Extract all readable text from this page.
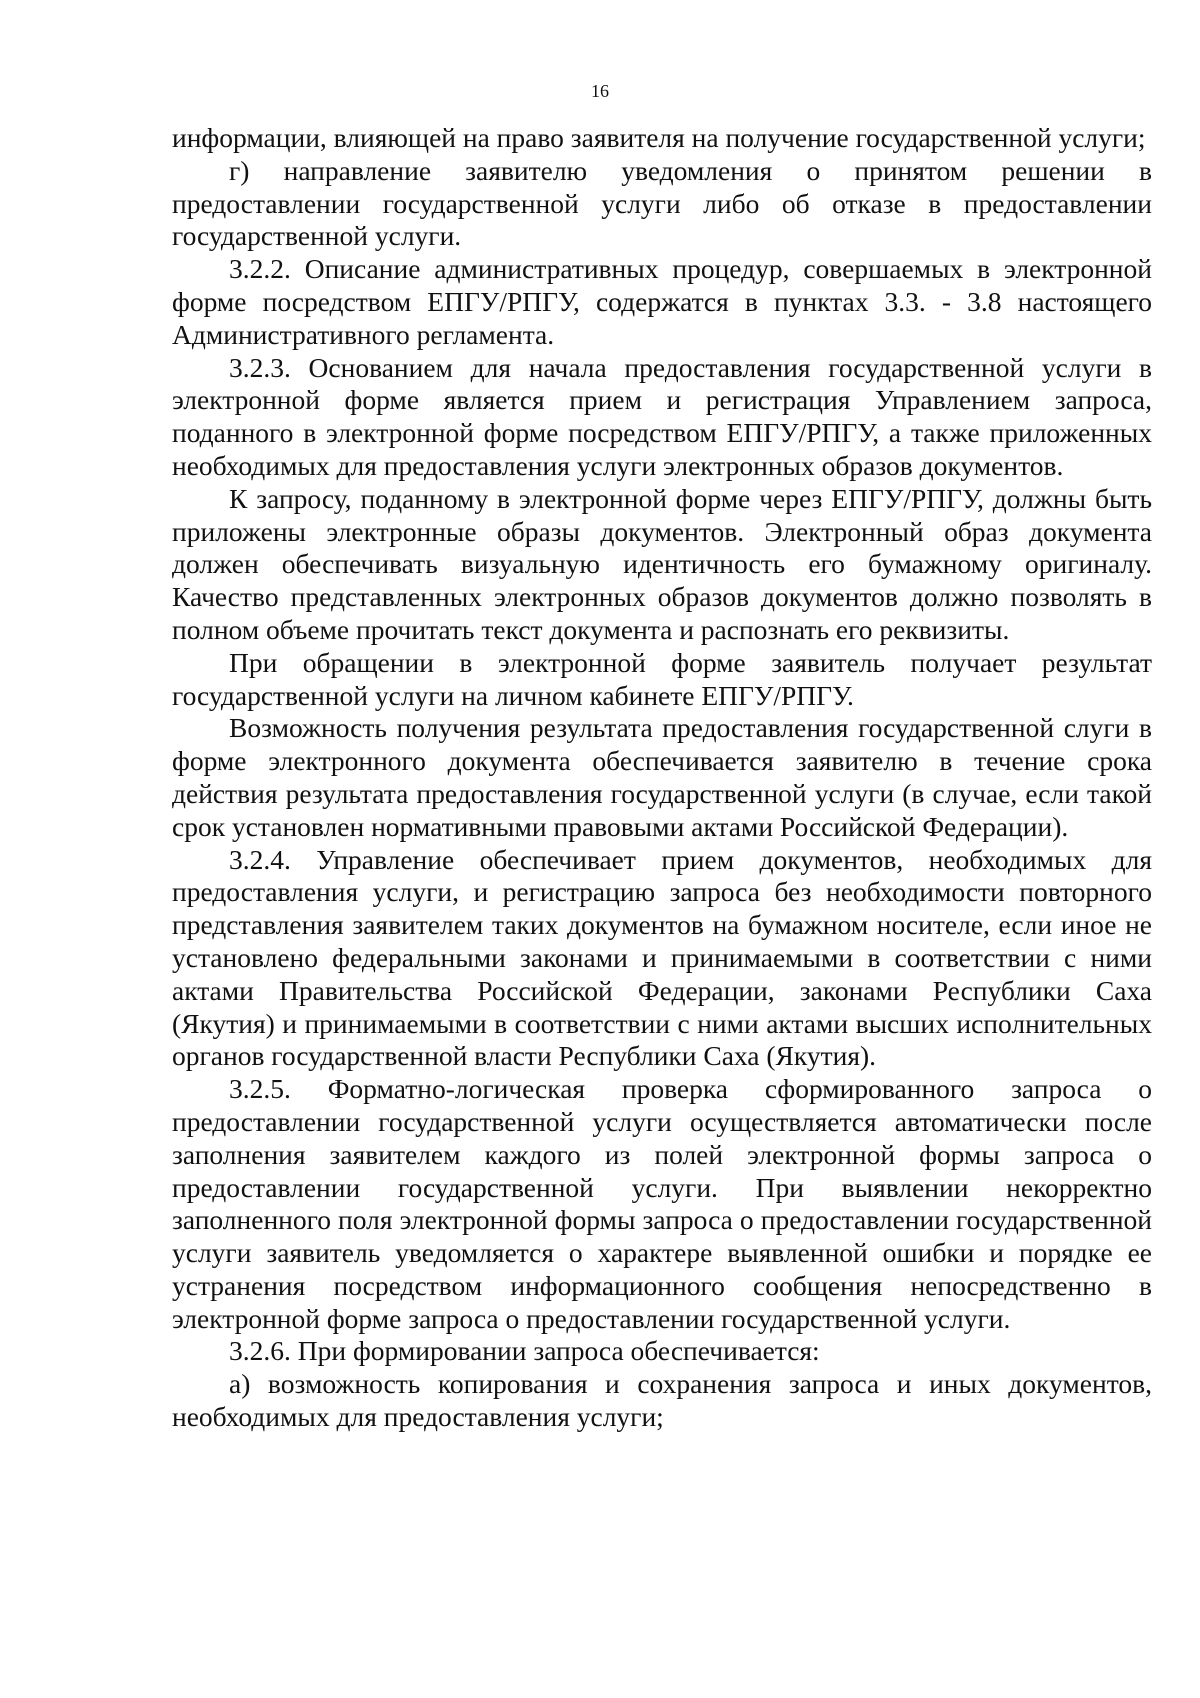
16

информации, влияющей на право заявителя на получение государственной услуги;

г) направление заявителю уведомления о принятом решении в предоставлении государственной услуги либо об отказе в предоставлении государственной услуги.

3.2.2. Описание административных процедур, совершаемых в электронной форме посредством ЕПГУ/РПГУ, содержатся в пунктах 3.3. - 3.8 настоящего Административного регламента.

3.2.3. Основанием для начала предоставления государственной услуги в электронной форме является прием и регистрация Управлением запроса, поданного в электронной форме посредством ЕПГУ/РПГУ, а также приложенных необходимых для предоставления услуги электронных образов документов.

К запросу, поданному в электронной форме через ЕПГУ/РПГУ, должны быть приложены электронные образы документов. Электронный образ документа должен обеспечивать визуальную идентичность его бумажному оригиналу. Качество представленных электронных образов документов должно позволять в полном объеме прочитать текст документа и распознать его реквизиты.

При обращении в электронной форме заявитель получает результат государственной услуги на личном кабинете ЕПГУ/РПГУ.

Возможность получения результата предоставления государственной слуги в форме электронного документа обеспечивается заявителю в течение срока действия результата предоставления государственной услуги (в случае, если такой срок установлен нормативными правовыми актами Российской Федерации).

3.2.4. Управление обеспечивает прием документов, необходимых для предоставления услуги, и регистрацию запроса без необходимости повторного представления заявителем таких документов на бумажном носителе, если иное не установлено федеральными законами и принимаемыми в соответствии с ними актами Правительства Российской Федерации, законами Республики Саха (Якутия) и принимаемыми в соответствии с ними актами высших исполнительных органов государственной власти Республики Саха (Якутия).

3.2.5. Форматно-логическая проверка сформированного запроса о предоставлении государственной услуги осуществляется автоматически после заполнения заявителем каждого из полей электронной формы запроса о предоставлении государственной услуги. При выявлении некорректно заполненного поля электронной формы запроса о предоставлении государственной услуги заявитель уведомляется о характере выявленной ошибки и порядке ее устранения посредством информационного сообщения непосредственно в электронной форме запроса о предоставлении государственной услуги.

3.2.6. При формировании запроса обеспечивается:

а) возможность копирования и сохранения запроса и иных документов, необходимых для предоставления услуги;
